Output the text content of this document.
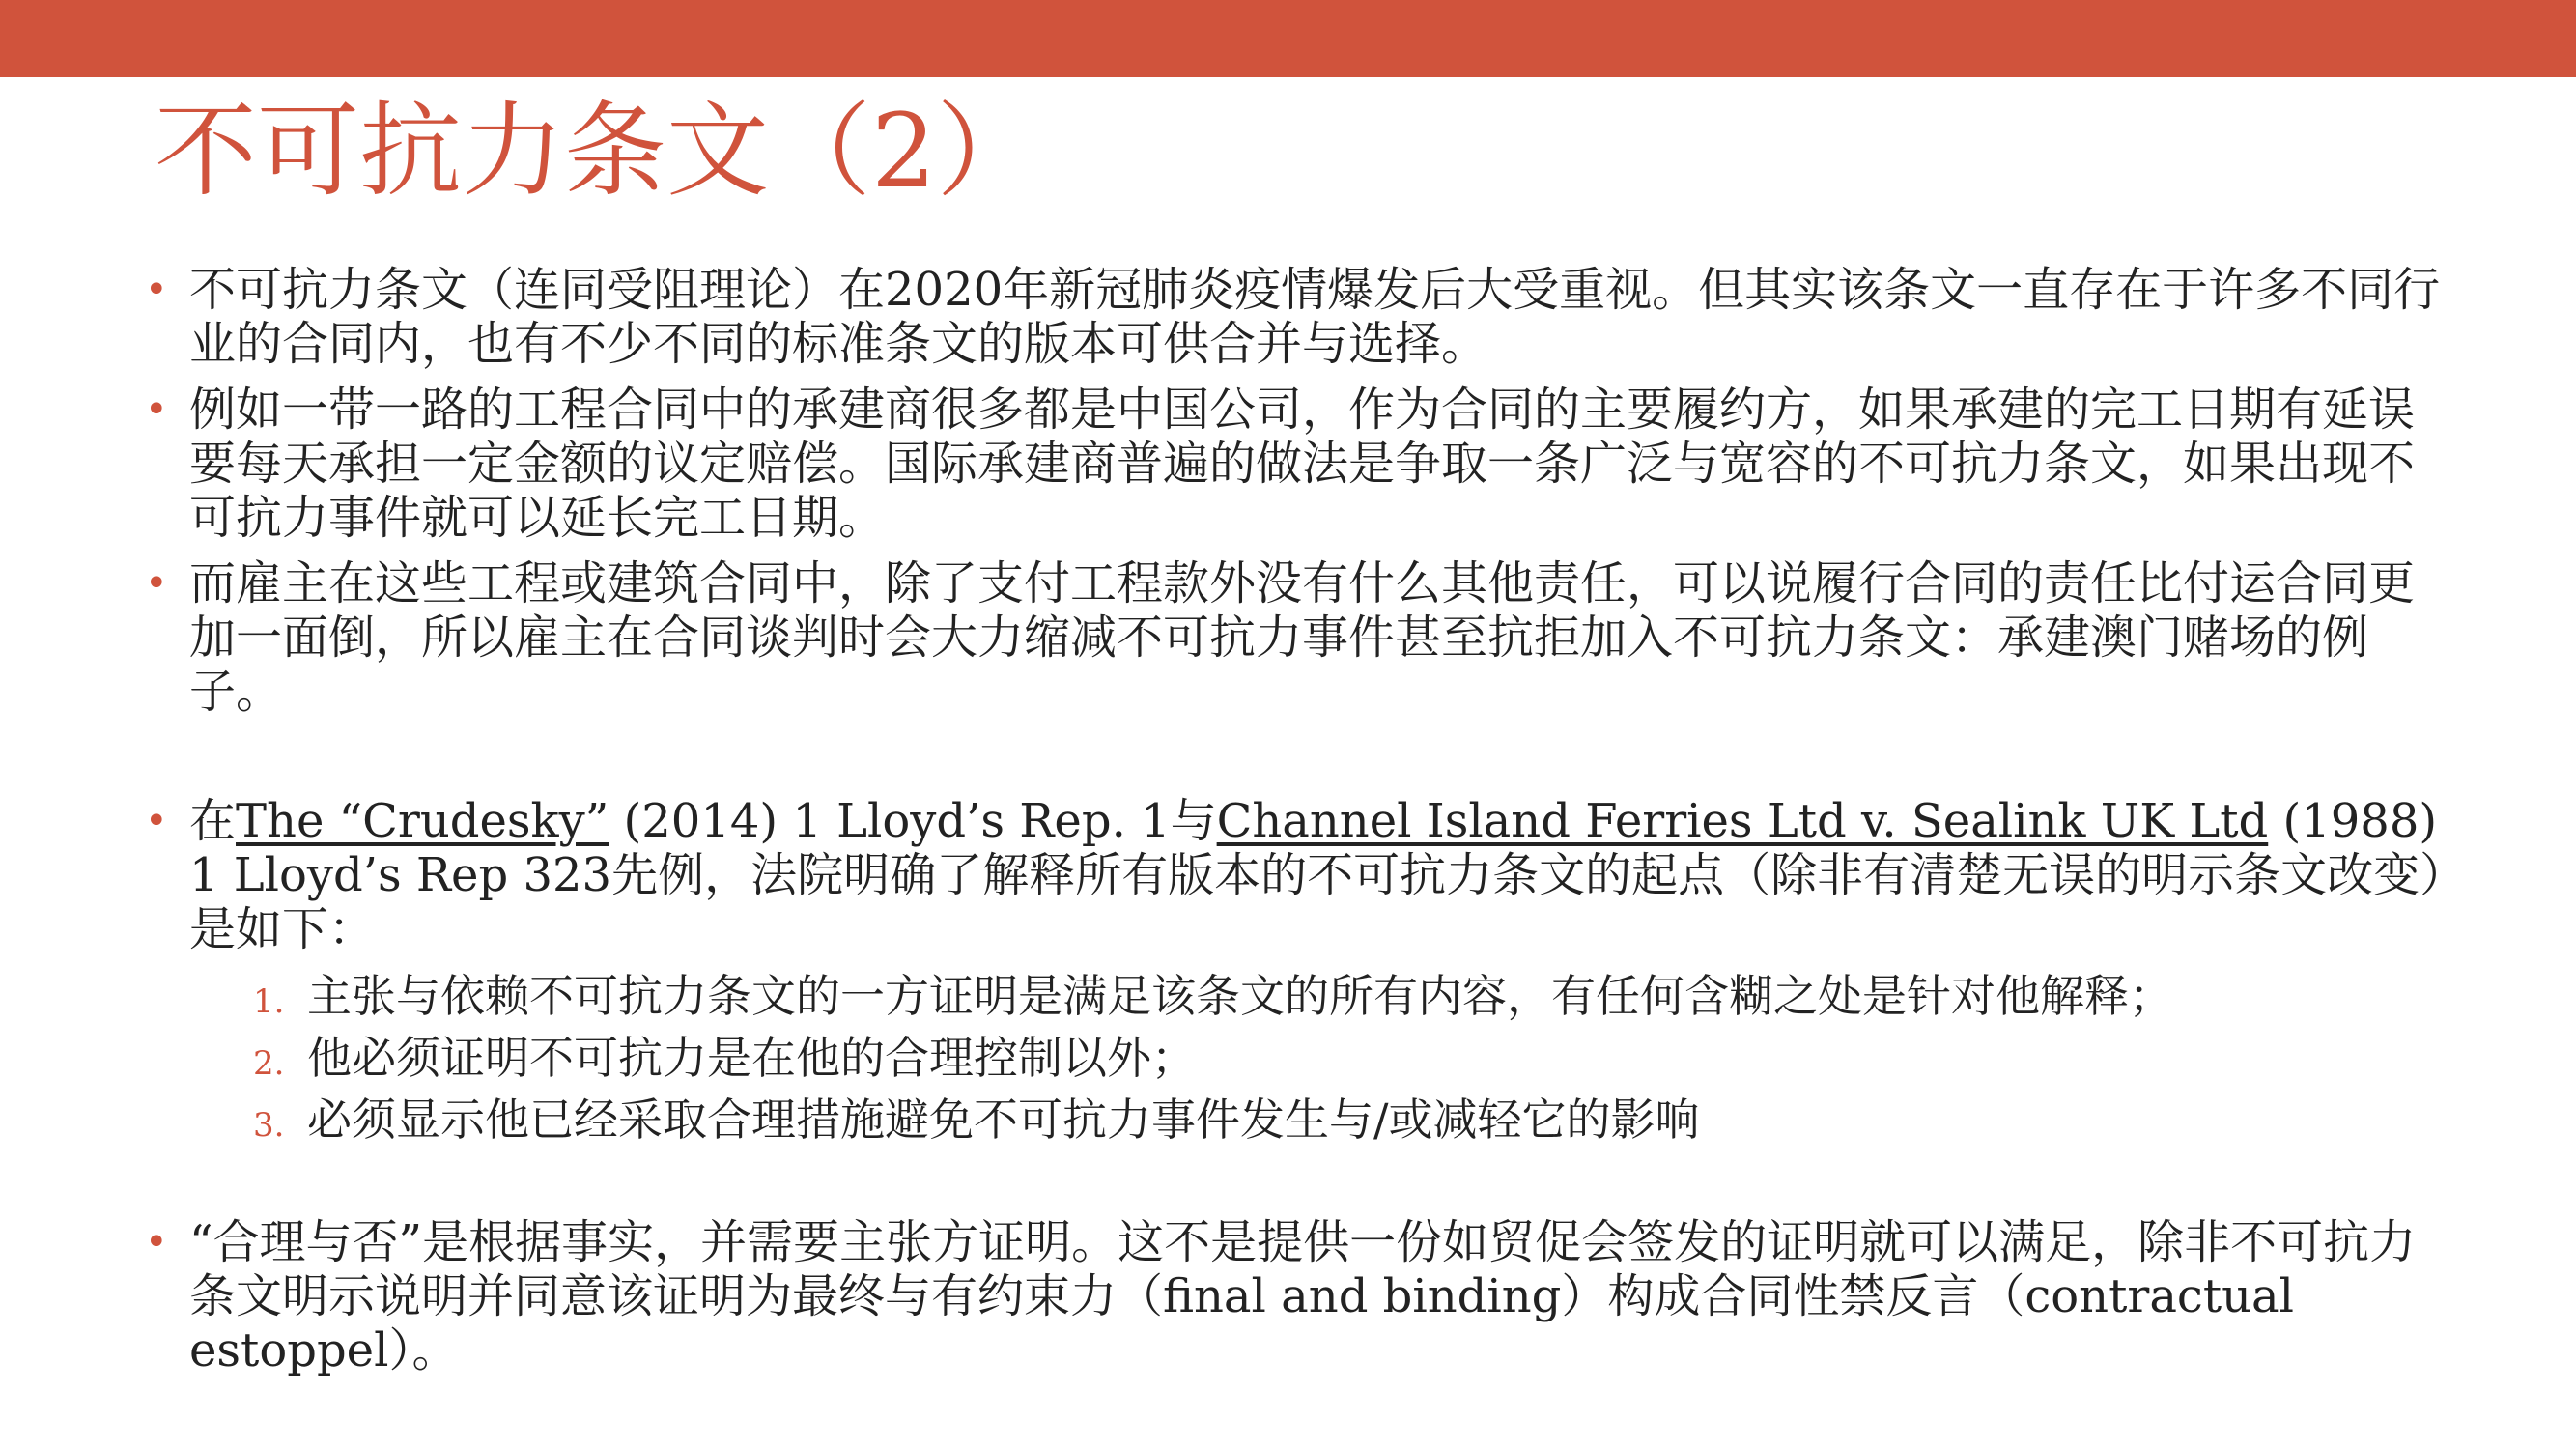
不可抗力条文（2）
• 不可抗力条文（连同受阻理论）在2020年新冠肺炎疫情爆发后大受重视。但其实该条文一直存在于许多不同行业的合同内，也有不少不同的标准条文的版本可供合并与选择。
• 例如一带一路的工程合同中的承建商很多都是中国公司，作为合同的主要履约方，如果承建的完工日期有延误要每天承担一定金额的议定赔偿。国际承建商普遍的做法是争取一条广泛与宽容的不可抗力条文，如果出现不可抗力事件就可以延长完工日期。
• 而雇主在这些工程或建筑合同中，除了支付工程款外没有什么其他责任，可以说履行合同的责任比付运合同更加一面倒，所以雇主在合同谈判时会大力缩减不可抗力事件甚至抗拒加入不可抗力条文：承建澳门赌场的例子。
• 在The “Crudesky” (2014) 1 Lloyd’s Rep. 1与Channel Island Ferries Ltd v. Sealink UK Ltd (1988) 1 Lloyd’s Rep 323先例，法院明确了解释所有版本的不可抗力条文的起点（除非有清楚无误的明示条文改变）是如下：
1. 主张与依赖不可抗力条文的一方证明是满足该条文的所有内容，有任何含糊之处是针对他解释；
2. 他必须证明不可抗力是在他的合理控制以外；
3. 必须显示他已经采取合理措施避免不可抗力事件发生与/或减轻它的影响
• “合理与否”是根据事实，并需要主张方证明。这不是提供一份如贸促会签发的证明就可以满足，除非不可抗力条文明示说明并同意该证明为最终与有约束力（final and binding）构成合同性禁反言（contractual estoppel）。
